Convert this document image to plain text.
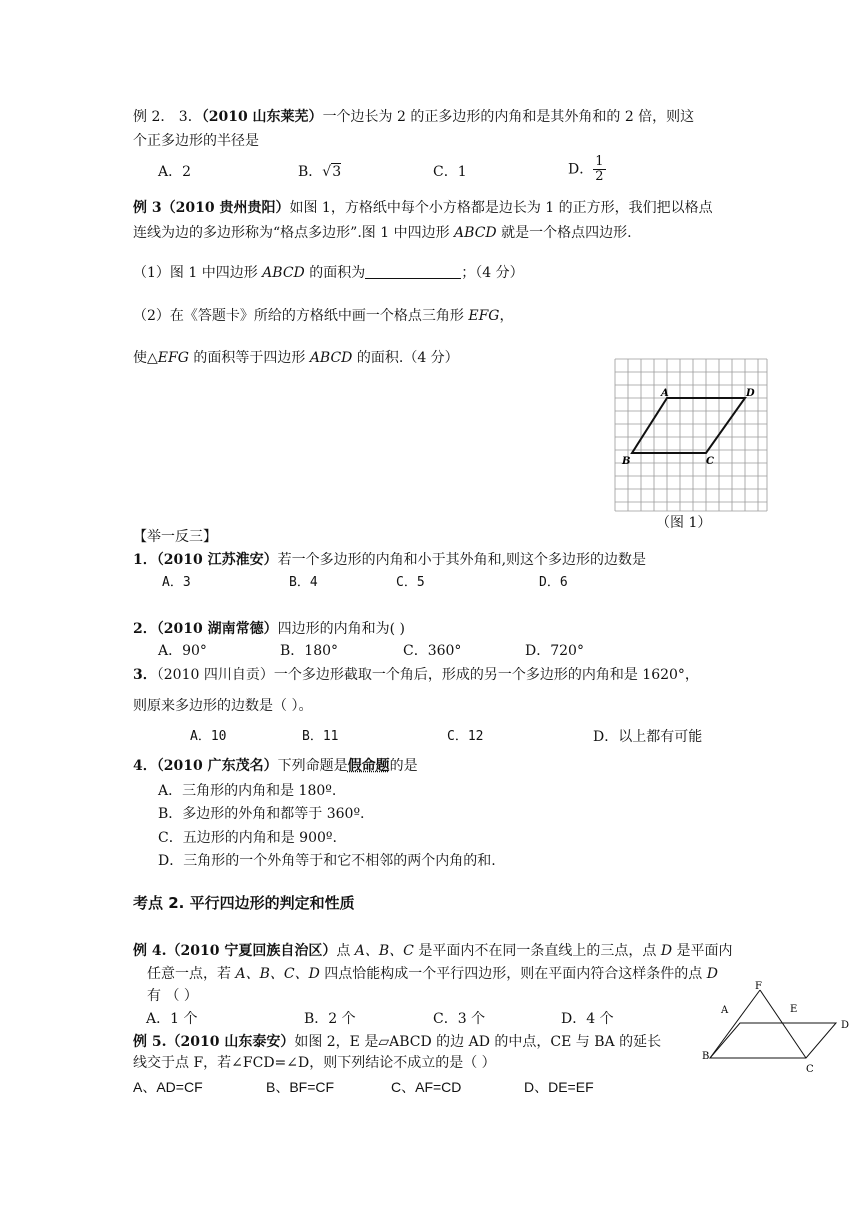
例 2． 3．（2010 山东莱芜）一个边长为 2 的正多边形的内角和是其外角和的 2 倍，则这
个正多边形的半径是
A．2	B．√3	C．1	D． $\frac{1}{2}$
例 3（2010 贵州贵阳）如图 1，方格纸中每个小方格都是边长为 1 的正方形，我们把以格点
连线为边的多边形称为“格点多边形”.图 1 中四边形 ABCD 就是一个格点四边形.
（1）图 1 中四边形 ABCD 的面积为	；（4 分）
（2）在《答题卡》所给的方格纸中画一个格点三角形 EFG，
使△EFG 的面积等于四边形 ABCD 的面积.（4 分）
A	D
B	C
（图 1）
【举一反三】
1．（2010 江苏淮安）若一个多边形的内角和小于其外角和,则这个多边形的边数是
A．3	B．4	C．5	D．6
2．（2010 湖南常德）四边形的内角和为( )
A．90°	B．180°	C．360°	D．720°
3．（2010 四川自贡）一个多边形截取一个角后，形成的另一个多边形的内角和是 1620°，
则原来多边形的边数是（ ）。
A．10	B．11	C．12	D．以上都有可能
4．（2010 广东茂名）下列命题是假命题的是
A．三角形的内角和是 180º.
B．多边形的外角和都等于 360º.
C．五边形的内角和是 900º.
D．三角形的一个外角等于和它不相邻的两个内角的和.
考点 2. 平行四边形的判定和性质
例 4.（2010 宁夏回族自治区）点 A、B、C 是平面内不在同一条直线上的三点，点 D 是平面内
任意一点，若 A、B、C、D 四点恰能构成一个平行四边形，则在平面内符合这样条件的点 D
有 （ ）
A．1 个	B．2 个	C．3 个	D．4 个
例 5.（2010 山东泰安）如图 2，E 是▱ABCD 的边 AD 的中点，CE 与 BA 的延长
线交于点 F，若∠FCD=∠D，则下列结论不成立的是（ ）
A、AD=CF	B、BF=CF	C、AF=CD	D、DE=EF
F
A	E
D
B
C
